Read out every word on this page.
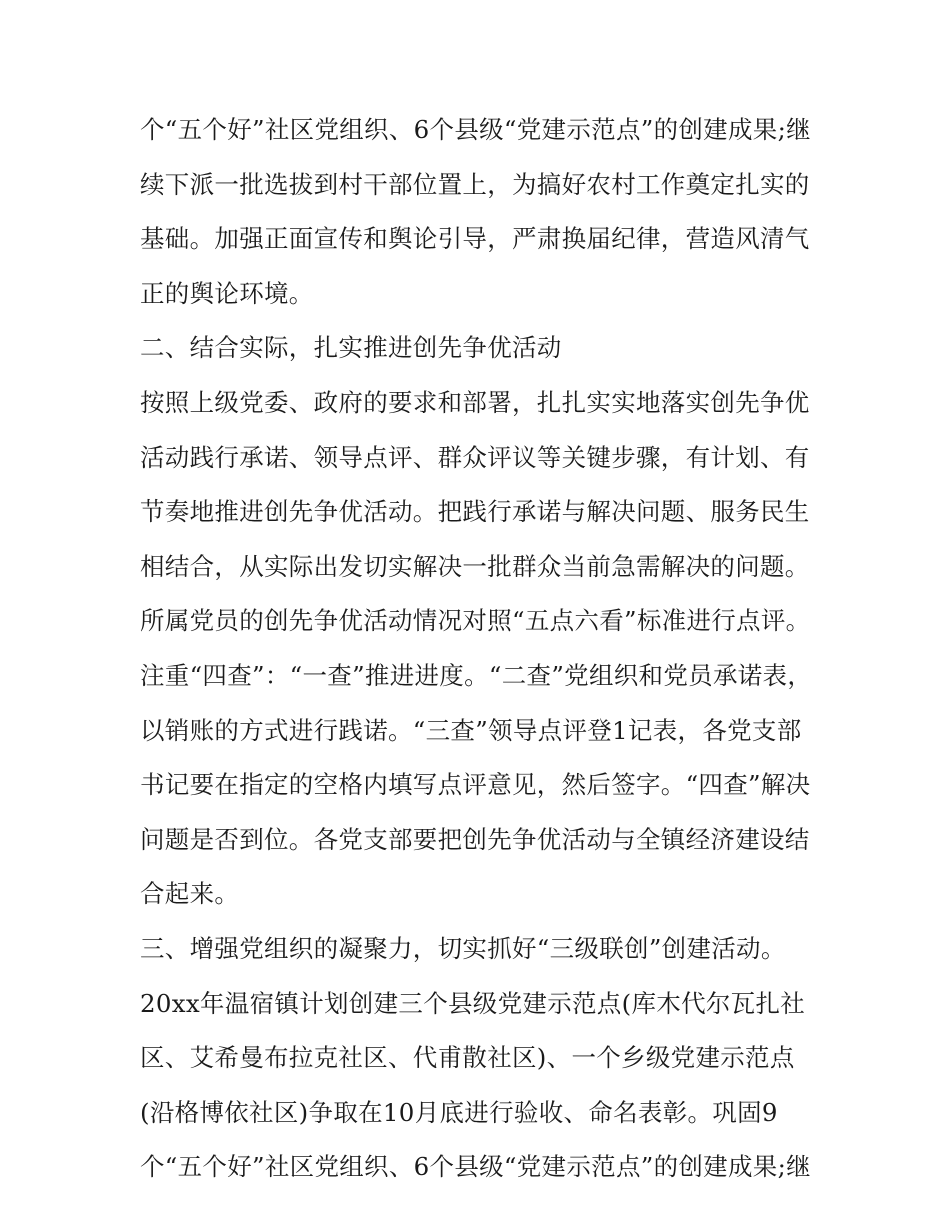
个“五个好”社区党组织、6个县级“党建示范点”的创建成果;继
续下派一批选拔到村干部位置上，为搞好农村工作奠定扎实的
基础。加强正面宣传和舆论引导，严肃换届纪律，营造风清气
正的舆论环境。
二、结合实际，扎实推进创先争优活动
按照上级党委、政府的要求和部署，扎扎实实地落实创先争优
活动践行承诺、领导点评、群众评议等关键步骤，有计划、有
节奏地推进创先争优活动。把践行承诺与解决问题、服务民生
相结合，从实际出发切实解决一批群众当前急需解决的问题。
所属党员的创先争优活动情况对照“五点六看”标准进行点评。
注重“四查”：“一查”推进进度。“二查”党组织和党员承诺表，
以销账的方式进行践诺。“三查”领导点评登1记表，各党支部
书记要在指定的空格内填写点评意见，然后签字。“四查”解决
问题是否到位。各党支部要把创先争优活动与全镇经济建设结
合起来。
三、增强党组织的凝聚力，切实抓好“三级联创”创建活动。
20xx年温宿镇计划创建三个县级党建示范点(库木代尔瓦扎社
区、艾希曼布拉克社区、代甫散社区)、一个乡级党建示范点
(沿格博依社区)争取在10月底进行验收、命名表彰。巩固9
个“五个好”社区党组织、6个县级“党建示范点”的创建成果;继
